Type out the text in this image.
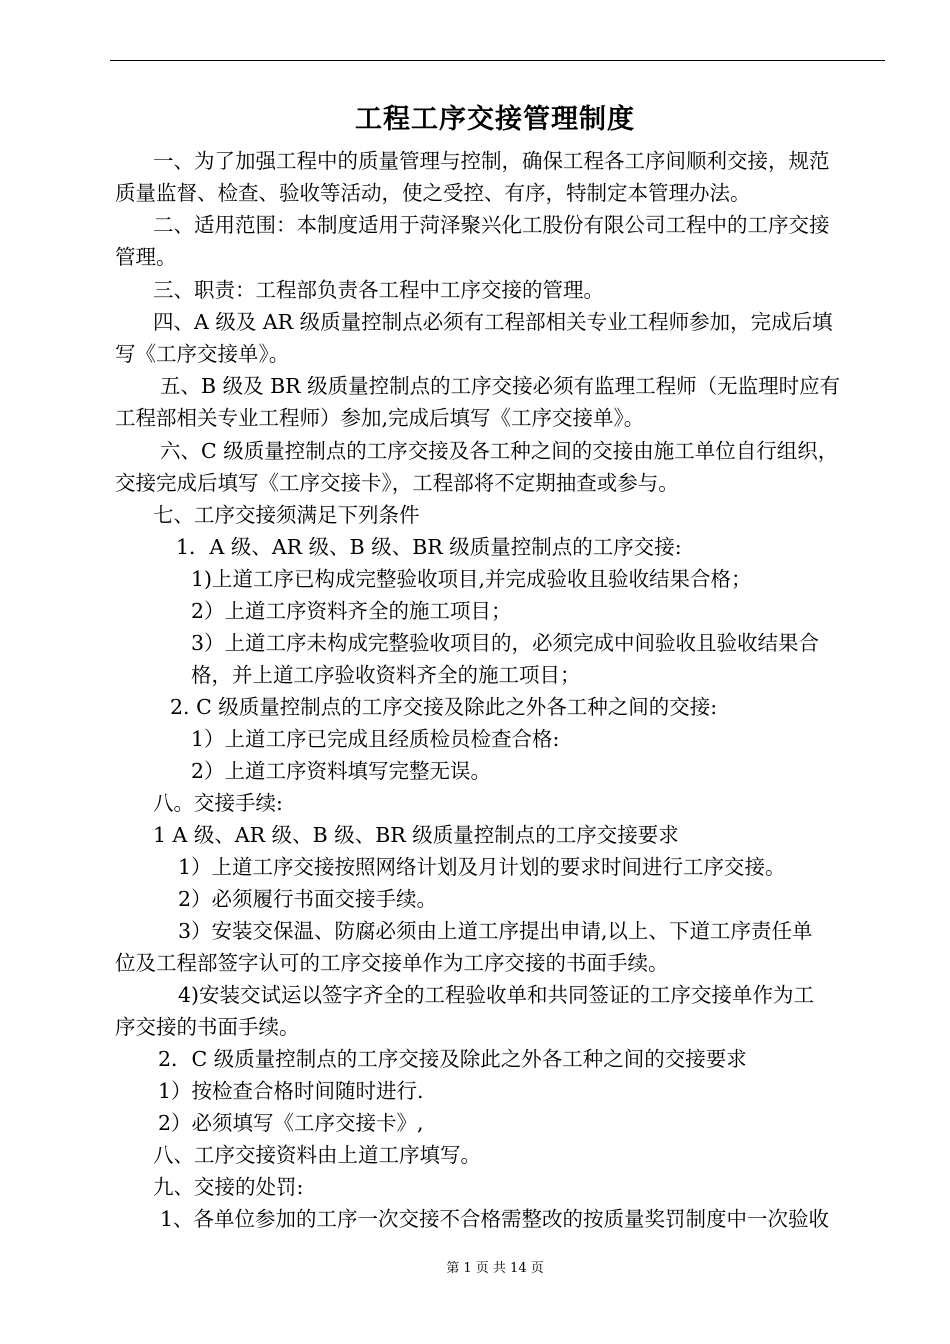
工程工序交接管理制度
一、为了加强工程中的质量管理与控制，确保工程各工序间顺利交接，规范
质量监督、检查、验收等活动，使之受控、有序，特制定本管理办法。
二、适用范围：本制度适用于菏泽聚兴化工股份有限公司工程中的工序交接
管理。
三、职责：工程部负责各工程中工序交接的管理。
四、A 级及 AR 级质量控制点必须有工程部相关专业工程师参加，完成后填
写《工序交接单》。
五、B 级及 BR 级质量控制点的工序交接必须有监理工程师（无监理时应有
工程部相关专业工程师）参加,完成后填写《工序交接单》。
六、C 级质量控制点的工序交接及各工种之间的交接由施工单位自行组织，
交接完成后填写《工序交接卡》，工程部将不定期抽查或参与。
七、工序交接须满足下列条件
1．A 级、AR 级、B 级、BR 级质量控制点的工序交接:
1)上道工序已构成完整验收项目,并完成验收且验收结果合格；
2）上道工序资料齐全的施工项目；
3）上道工序未构成完整验收项目的，必须完成中间验收且验收结果合
格，并上道工序验收资料齐全的施工项目；
2. C 级质量控制点的工序交接及除此之外各工种之间的交接:
1）上道工序已完成且经质检员检查合格:
2）上道工序资料填写完整无误。
八。交接手续:
1 A 级、AR 级、B 级、BR 级质量控制点的工序交接要求
1）上道工序交接按照网络计划及月计划的要求时间进行工序交接。
2）必须履行书面交接手续。
3）安装交保温、防腐必须由上道工序提出申请,以上、下道工序责任单
位及工程部签字认可的工序交接单作为工序交接的书面手续。
4)安装交试运以签字齐全的工程验收单和共同签证的工序交接单作为工
序交接的书面手续。
2．C 级质量控制点的工序交接及除此之外各工种之间的交接要求
1）按检查合格时间随时进行.
2）必须填写《工序交接卡》,
八、工序交接资料由上道工序填写。
九、交接的处罚:
1、各单位参加的工序一次交接不合格需整改的按质量奖罚制度中一次验收
第 1 页 共 14 页
